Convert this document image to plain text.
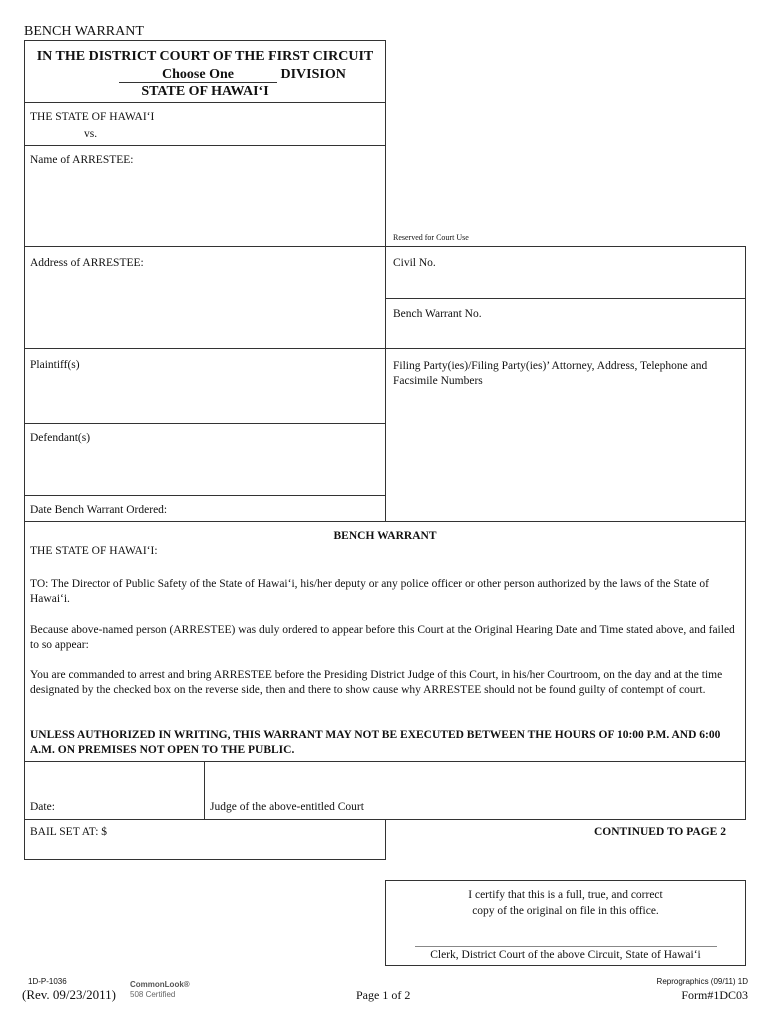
BENCH WARRANT
IN THE DISTRICT COURT OF THE FIRST CIRCUIT
Choose One	DIVISION
STATE OF HAWAI‘I
THE STATE OF HAWAI‘I
vs.
Name of ARRESTEE:
Address of ARRESTEE:
Plaintiff(s)
Defendant(s)
Date Bench Warrant Ordered:
Reserved for Court Use
Civil No.
Bench Warrant No.
Filing Party(ies)/Filing Party(ies)’ Attorney, Address, Telephone and Facsimile Numbers
BENCH WARRANT
THE STATE OF HAWAI‘I:
TO: The Director of Public Safety of the State of Hawai‘i, his/her deputy or any police officer or other person authorized by the laws of the State of Hawai‘i.
Because above-named person (ARRESTEE) was duly ordered to appear before this Court at the Original Hearing Date and Time stated above, and failed to so appear:
You are commanded to arrest and bring ARRESTEE before the Presiding District Judge of this Court, in his/her Courtroom, on the day and at the time designated by the checked box on the reverse side, then and there to show cause why ARRESTEE should not be found guilty of contempt of court.
UNLESS AUTHORIZED IN WRITING, THIS WARRANT MAY NOT BE EXECUTED BETWEEN THE HOURS OF 10:00 P.M. AND 6:00 A.M. ON PREMISES NOT OPEN TO THE PUBLIC.
Date:	Judge of the above-entitled Court
BAIL SET AT: $	CONTINUED TO PAGE 2
I certify that this is a full, true, and correct
copy of the original on file in this office.
Clerk, District Court of the above Circuit, State of Hawai‘i
1D-P-1036
(Rev. 09/23/2011)
CommonLook®
508 Certified	Page 1 of 2
Reprographics (09/11) 1D
Form#1DC03
